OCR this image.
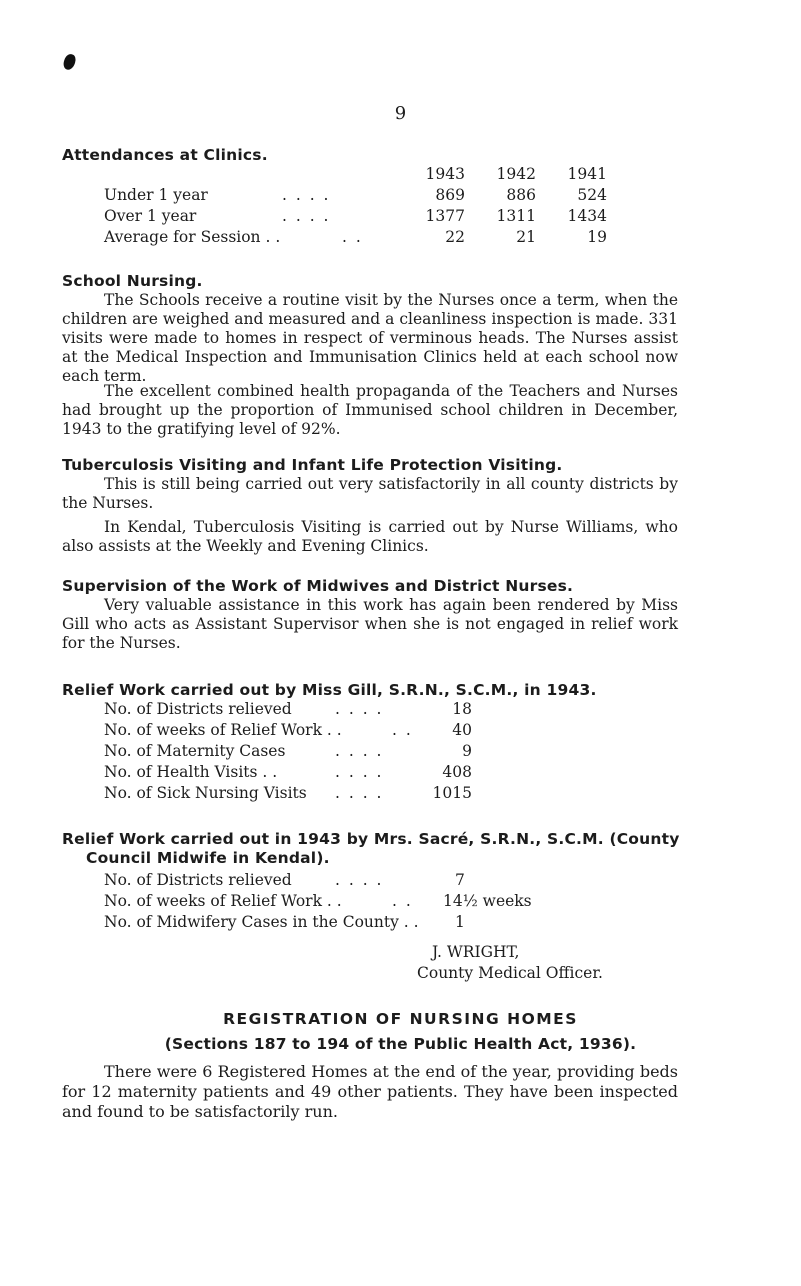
9
Attendances at Clinics.
1943	1942	1941
Under 1 year	. . . .	869	886	524
Over 1 year	. . . .	1377	1311	1434
Average for Session . .	. .	22	21	19
School Nursing.
The Schools receive a routine visit by the Nurses once a term, when the children are weighed and measured and a cleanliness inspection is made. 331 visits were made to homes in respect of verminous heads. The Nurses assist at the Medical Inspection and Immunisation Clinics held at each school now each term.
The excellent combined health propaganda of the Teachers and Nurses had brought up the proportion of Immunised school children in December, 1943 to the gratifying level of 92%.
Tuberculosis Visiting and Infant Life Protection Visiting.
This is still being carried out very satisfactorily in all county districts by the Nurses.
In Kendal, Tuberculosis Visiting is carried out by Nurse Williams, who also assists at the Weekly and Evening Clinics.
Supervision of the Work of Midwives and District Nurses.
Very valuable assistance in this work has again been rendered by Miss Gill who acts as Assistant Supervisor when she is not engaged in relief work for the Nurses.
Relief Work carried out by Miss Gill, S.R.N., S.C.M., in 1943.
No. of Districts relieved	. . . .	18
No. of weeks of Relief Work . .	. .	40
No. of Maternity Cases	. . . .	9
No. of Health Visits . .	. . . .	408
No. of Sick Nursing Visits . . . .	1015
Relief Work carried out in 1943 by Mrs. Sacré, S.R.N., S.C.M. (County
Council Midwife in Kendal).
No. of Districts relieved	. . . .	7
No. of weeks of Relief Work . .	. . 14½ weeks
No. of Midwifery Cases in the County . . 1
J. WRIGHT,
County Medical Officer.
REGISTRATION OF NURSING HOMES
(Sections 187 to 194 of the Public Health Act, 1936).
There were 6 Registered Homes at the end of the year, providing beds for 12 maternity patients and 49 other patients. They have been inspected and found to be satisfactorily run.
